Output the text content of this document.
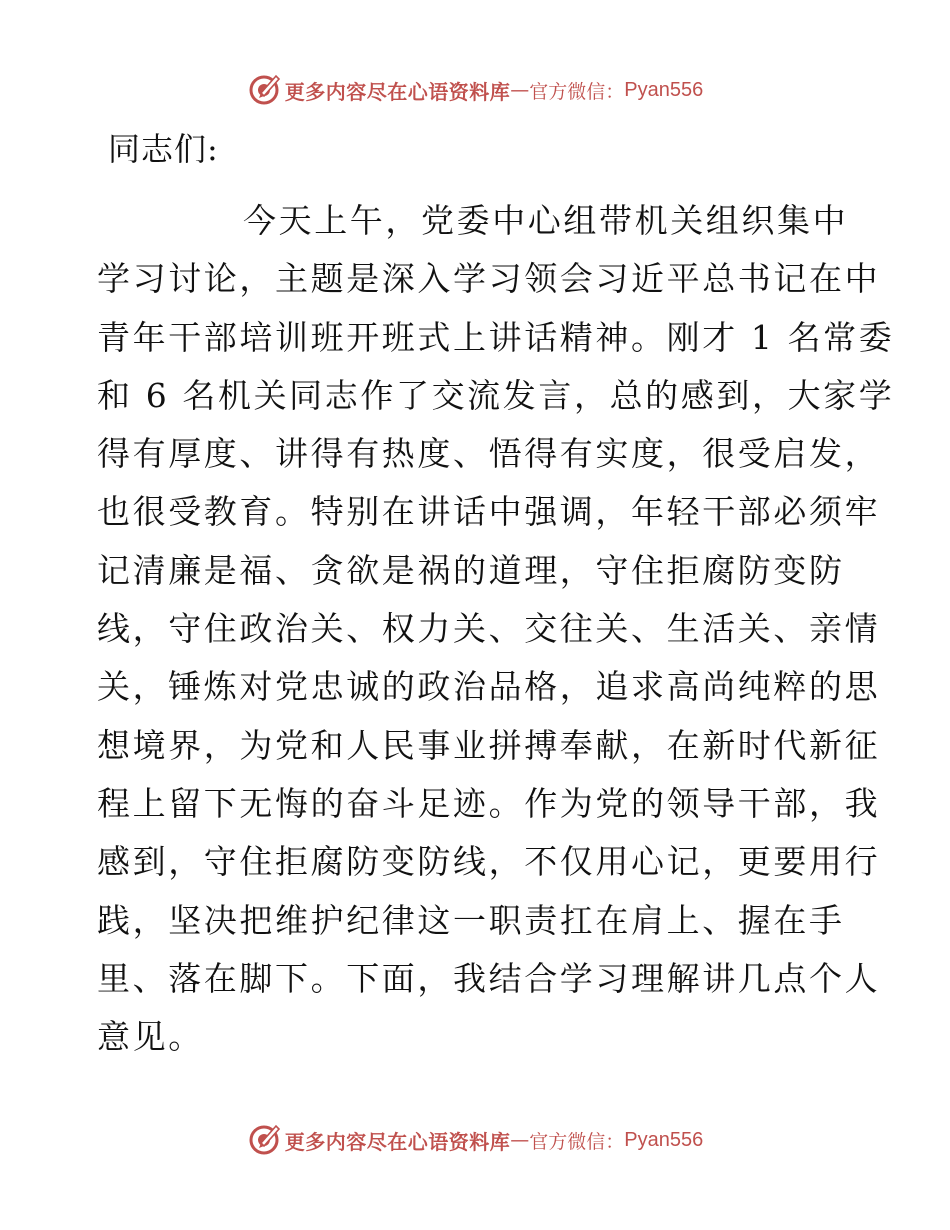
更多内容尽在心语资料库 — 官方微信： Pyan556
同志们:
今天上午，党委中心组带机关组织集中
学习讨论，主题是深入学习领会习近平总书记在中
青年干部培训班开班式上讲话精神。刚才 1 名常委
和 6 名机关同志作了交流发言，总的感到，大家学
得有厚度、讲得有热度、悟得有实度，很受启发，
也很受教育。特别在讲话中强调，年轻干部必须牢
记清廉是福、贪欲是祸的道理，守住拒腐防变防
线，守住政治关、权力关、交往关、生活关、亲情
关，锤炼对党忠诚的政治品格，追求高尚纯粹的思
想境界，为党和人民事业拼搏奉献，在新时代新征
程上留下无悔的奋斗足迹。作为党的领导干部，我
感到，守住拒腐防变防线，不仅用心记，更要用行
践，坚决把维护纪律这一职责扛在肩上、握在手
里、落在脚下。下面，我结合学习理解讲几点个人
意见。
更多内容尽在心语资料库 — 官方微信： Pyan556
